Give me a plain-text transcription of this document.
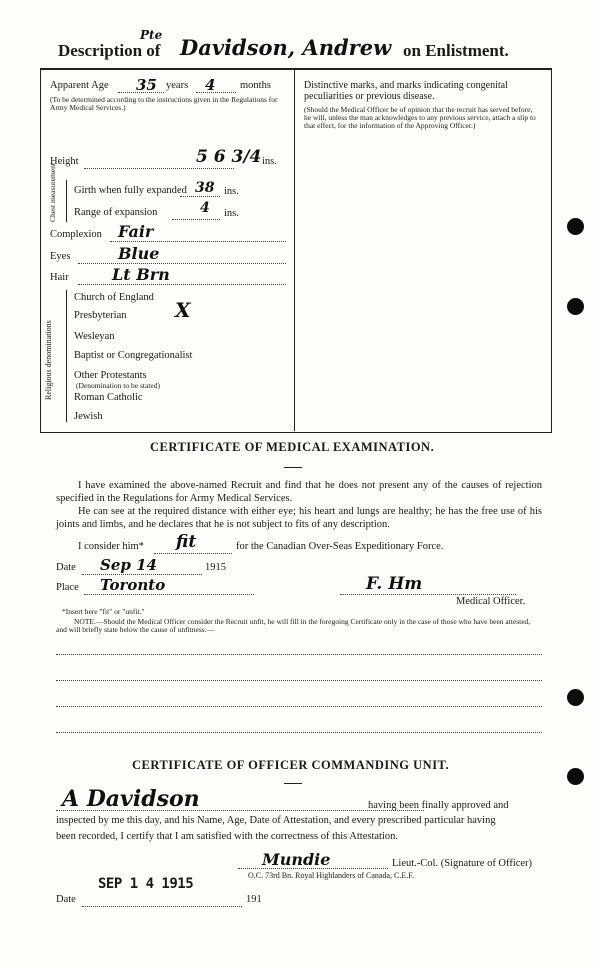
Description of
Pte Davidson, Andrew on Enlistment.
Apparent Age 35 years 4 months
(To be determined according to the instructions given in the Regulations for Army Medical Services.)
Height	5 6 3/4 ins.
Chest measurement Girth when fully expanded 38 ins.
Range of expansion	4 ins.
Complexion Fair
Eyes	Blue
Hair	Lt Brn
Religious denominations
Church of England
Presbyterian X
Wesleyan
Baptist or Congregationalist
Other Protestants
(Denomination to be stated)
Roman Catholic
Jewish
Distinctive marks, and marks indicating congenital peculiarities or previous disease.
(Should the Medical Officer be of opinion that the recruit has served before, he will, unless the man acknowledges to any previous service, attach a slip to that effect, for the information of the Approving Officer.)
CERTIFICATE OF MEDICAL EXAMINATION.
I have examined the above-named Recruit and find that he does not present any of the causes of rejection specified in the Regulations for Army Medical Services.
He can see at the required distance with either eye; his heart and lungs are healthy; he has the free use of his joints and limbs, and he declares that he is not subject to fits of any description.
I consider him* fit	for the Canadian Over-Seas Expeditionary Force.
Date Sep 14	1915
Place Toronto	F. Hm
Medical Officer.
*Insert here "fit" or "unfit."
NOTE.—Should the Medical Officer consider the Recruit unfit, he will fill in the foregoing Certificate only in the case of those who have been attested, and will briefly state below the cause of unfitness:—
CERTIFICATE OF OFFICER COMMANDING UNIT.
A Davidson	having been finally approved and
inspected by me this day, and his Name, Age, Date of Attestation, and every prescribed particular having
been recorded, I certify that I am satisfied with the correctness of this Attestation.
Mundie	Lieut.-Col. (Signature of Officer)
O.C. 73rd Bn. Royal Highlanders of Canada, C.E.F.
SEP 1 4 1915
Date	191
